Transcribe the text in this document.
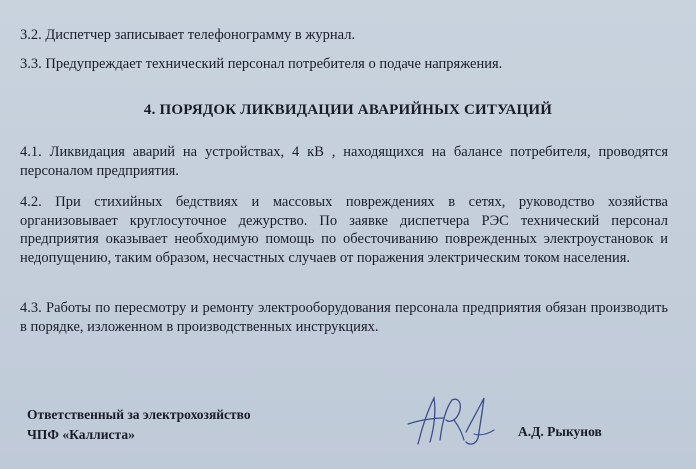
3.2. Диспетчер записывает телефонограмму в журнал.
3.3. Предупреждает технический персонал потребителя о подаче напряжения.
4. ПОРЯДОК ЛИКВИДАЦИИ АВАРИЙНЫХ СИТУАЦИЙ
4.1. Ликвидация аварий на устройствах, 4 кВ , находящихся на балансе потребителя, проводятся персоналом предприятия.
4.2. При стихийных бедствиях и массовых повреждениях в сетях, руководство хозяйства организовывает круглосуточное дежурство. По заявке диспетчера РЭС технический персонал предприятия оказывает необходимую помощь по обесточиванию поврежденных электроустановок и недопущению, таким образом, несчастных случаев от поражения электрическим током населения.
4.3. Работы по пересмотру и ремонту электрооборудования персонала предприятия обязан производить в порядке, изложенном в производственных инструкциях.
Ответственный за электрохозяйство
ЧПФ «Каллиста»	А.Д. Рыкунов
